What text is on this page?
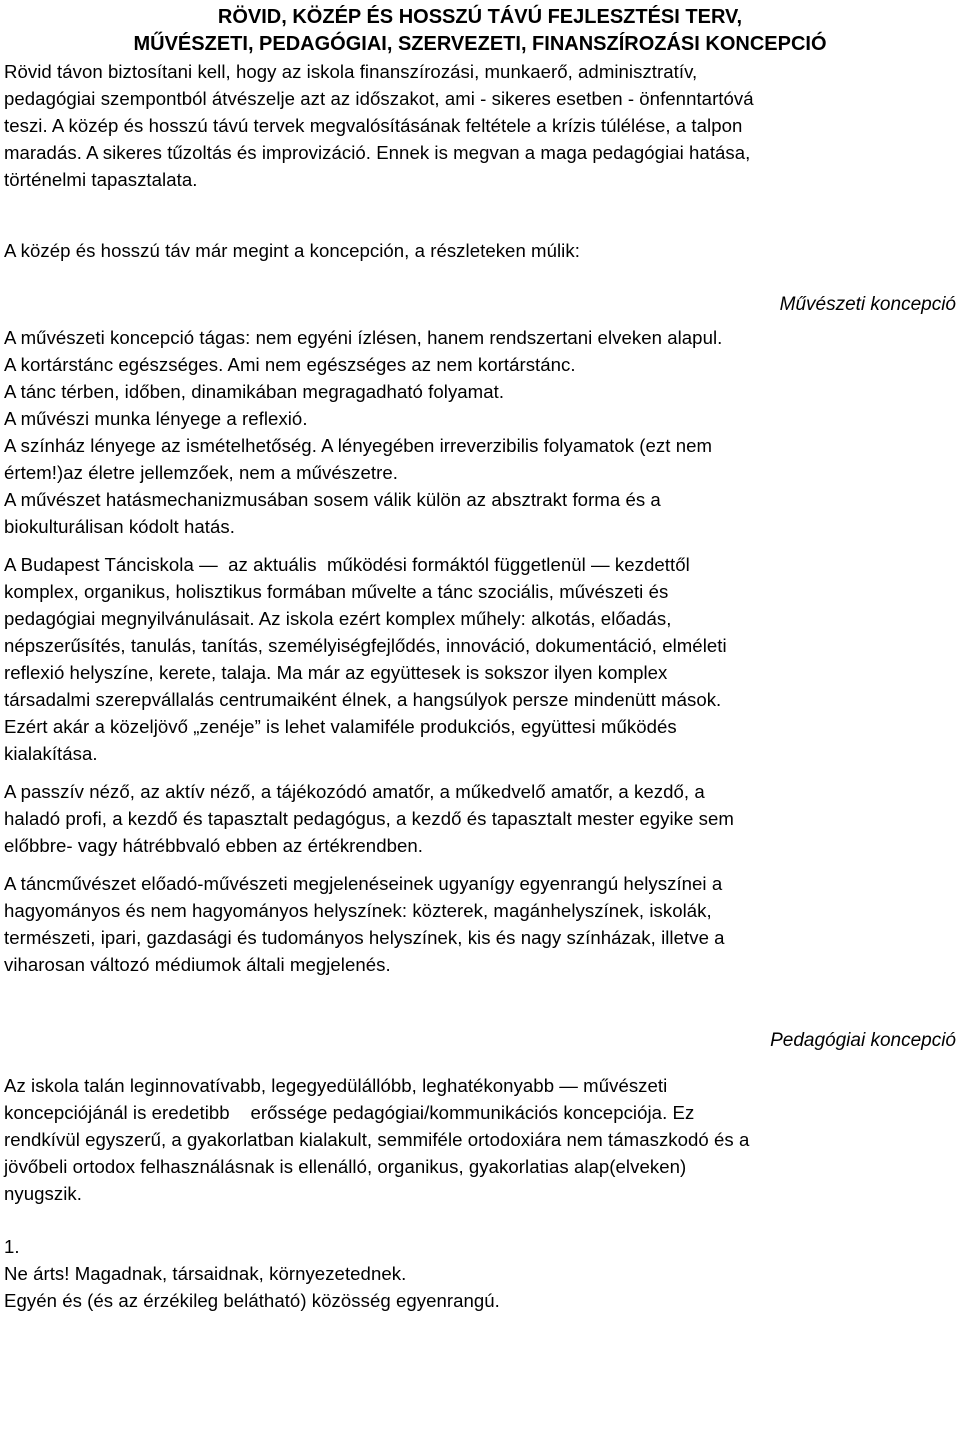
RÖVID, KÖZÉP ÉS HOSSZÚ TÁVÚ FEJLESZTÉSI TERV,
MŰVÉSZETI, PEDAGÓGIAI, SZERVEZETI, FINANSZÍROZÁSI KONCEPCIÓ
Rövid távon biztosítani kell, hogy az iskola finanszírozási, munkaerő, adminisztratív,
pedagógiai szempontból átvészelje azt az időszakot, ami - sikeres esetben - önfenntartóvá
teszi. A közép és hosszú távú tervek megvalósításának feltétele a krízis túlélése, a talpon
maradás. A sikeres tűzoltás és improvizáció. Ennek is megvan a maga pedagógiai hatása,
történelmi tapasztalata.

A közép és hosszú táv már megint a koncepción, a részleteken múlik:

Művészeti koncepció

A művészeti koncepció tágas: nem egyéni ízlésen, hanem rendszertani elveken alapul.
A kortárstánc egészséges. Ami nem egészséges az nem kortárstánc.
A tánc térben, időben, dinamikában megragadható folyamat.
A művészi munka lényege a reflexió.
A színház lényege az ismételhetőség. A lényegében irreverzibilis folyamatok (ezt nem
értem!)az életre jellemzőek, nem a művészetre.
A művészet hatásmechanizmusában sosem válik külön az absztrakt forma és a
biokulturálisan kódolt hatás.
A Budapest Tánciskola —  az aktuális  működési formáktól függetlenül — kezdettől
komplex, organikus, holisztikus formában művelte a tánc szociális, művészeti és
pedagógiai megnyilvánulásait. Az iskola ezért komplex műhely: alkotás, előadás,
népszerűsítés, tanulás, tanítás, személyiségfejlődés, innováció, dokumentáció, elméleti
reflexió helyszíne, kerete, talaja. Ma már az együttesek is sokszor ilyen komplex
társadalmi szerepvállalás centrumaiként élnek, a hangsúlyok persze mindenütt mások.
Ezért akár a közeljövő „zenéje” is lehet valamiféle produkciós, együttesi működés
kialakítása.
A passzív néző, az aktív néző, a tájékozódó amatőr, a műkedvelő amatőr, a kezdő, a
haladó profi, a kezdő és tapasztalt pedagógus, a kezdő és tapasztalt mester egyike sem
előbbre- vagy hátrébbvaló ebben az értékrendben.
A táncművészet előadó-művészeti megjelenéseinek ugyanígy egyenrangú helyszínei a
hagyományos és nem hagyományos helyszínek: közterek, magánhelyszínek, iskolák,
természeti, ipari, gazdasági és tudományos helyszínek, kis és nagy színházak, illetve a
viharosan változó médiumok általi megjelenés.

Pedagógiai koncepció

Az iskola talán leginnovatívabb, legegyedülállóbb, leghatékonyabb — művészeti
koncepciójánál is eredetibb    erőssége pedagógiai/kommunikációs koncepciója. Ez
rendkívül egyszerű, a gyakorlatban kialakult, semmiféle ortodoxiára nem támaszkodó és a
jövőbeli ortodox felhasználásnak is ellenálló, organikus, gyakorlatias alap(elveken)
nyugszik.

1.

Ne árts! Magadnak, társaidnak, környezetednek.
Egyén és (és az érzékileg belátható) közösség egyenrangú.
